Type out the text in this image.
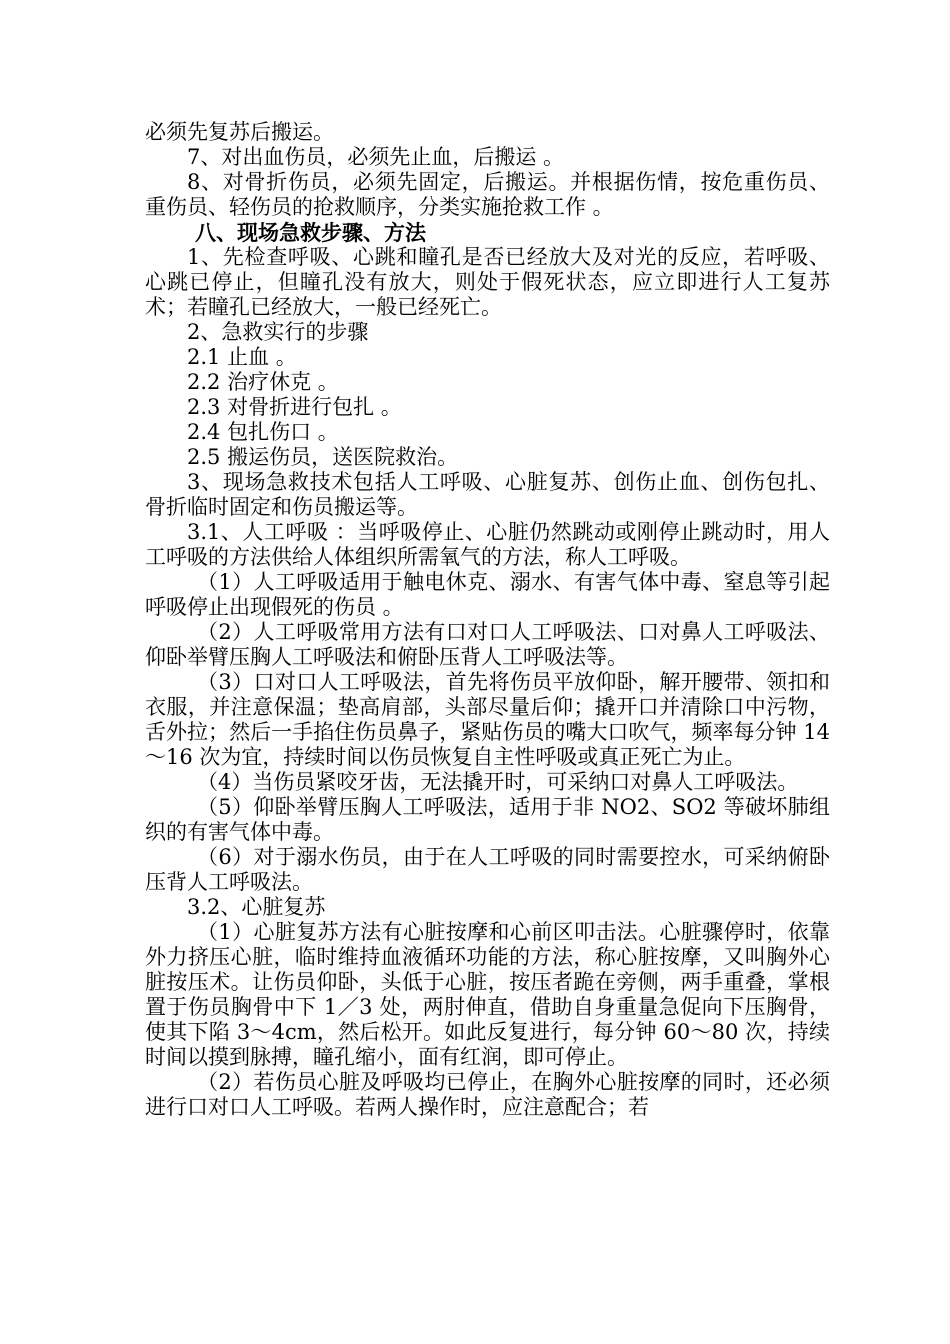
必须先复苏后搬运。

7、对出血伤员，必须先止血，后搬运 。

8、对骨折伤员，必须先固定，后搬运。并根据伤情，按危重伤员、重伤员、轻伤员的抢救顺序，分类实施抢救工作 。

八、现场急救步骤、方法

1、先检查呼吸、心跳和瞳孔是否已经放大及对光的反应，若呼吸、心跳已停止，但瞳孔没有放大，则处于假死状态，应立即进行人工复苏术；若瞳孔已经放大，一般已经死亡。

2、急救实行的步骤

2.1 止血 。

2.2 治疗休克 。

2.3 对骨折进行包扎 。

2.4 包扎伤口 。

2.5 搬运伤员，送医院救治。

3、现场急救技术包括人工呼吸、心脏复苏、创伤止血、创伤包扎、骨折临时固定和伤员搬运等。

3.1、人工呼吸 ：当呼吸停止、心脏仍然跳动或刚停止跳动时，用人工呼吸的方法供给人体组织所需氧气的方法，称人工呼吸。

（1）人工呼吸适用于触电休克、溺水、有害气体中毒、窒息等引起呼吸停止出现假死的伤员 。

（2）人工呼吸常用方法有口对口人工呼吸法、口对鼻人工呼吸法、仰卧举臂压胸人工呼吸法和俯卧压背人工呼吸法等。

（3）口对口人工呼吸法，首先将伤员平放仰卧，解开腰带、领扣和衣服，并注意保温；垫高肩部，头部尽量后仰；撬开口并清除口中污物，舌外拉；然后一手掐住伤员鼻子，紧贴伤员的嘴大口吹气，频率每分钟 14～16 次为宜，持续时间以伤员恢复自主性呼吸或真正死亡为止。

（4）当伤员紧咬牙齿，无法撬开时，可采纳口对鼻人工呼吸法。

（5）仰卧举臂压胸人工呼吸法，适用于非 NO2、SO2 等破坏肺组织的有害气体中毒。

（6）对于溺水伤员，由于在人工呼吸的同时需要控水，可采纳俯卧压背人工呼吸法。

3.2、心脏复苏

（1）心脏复苏方法有心脏按摩和心前区叩击法。心脏骤停时，依靠外力挤压心脏，临时维持血液循环功能的方法，称心脏按摩，又叫胸外心脏按压术。让伤员仰卧，头低于心脏，按压者跪在旁侧，两手重叠，掌根置于伤员胸骨中下 1／3 处，两肘伸直，借助自身重量急促向下压胸骨，使其下陷 3～4cm，然后松开。如此反复进行，每分钟 60～80 次，持续时间以摸到脉搏，瞳孔缩小，面有红润，即可停止。

（2）若伤员心脏及呼吸均已停止，在胸外心脏按摩的同时，还必须进行口对口人工呼吸。若两人操作时，应注意配合；若
